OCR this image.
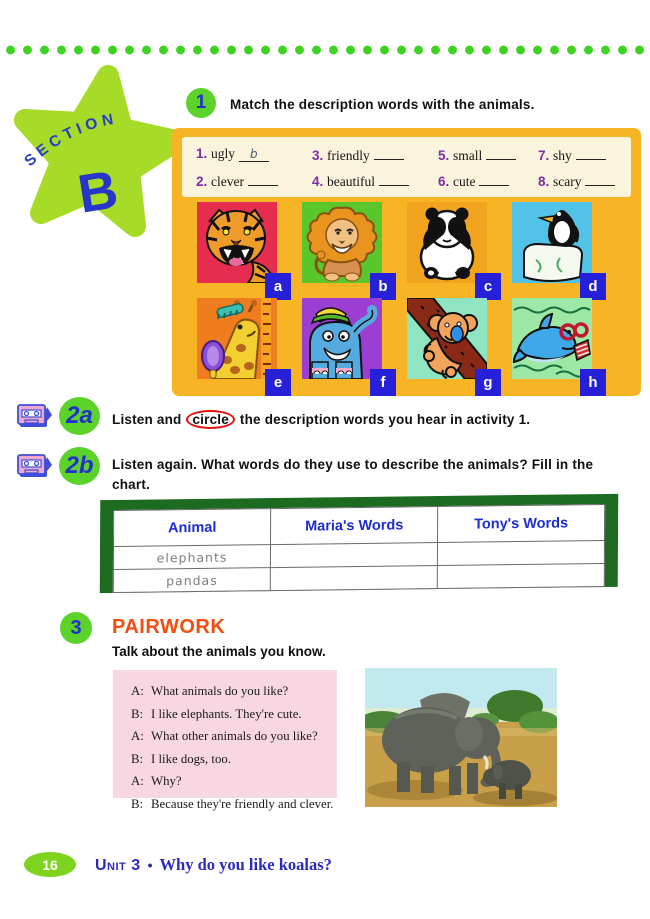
SECTION
B
1	Match the description words with the animals.
1. ugly b	3. friendly	5. small	7. shy
2. clever	4. beautiful	6. cute	8. scary
a	b	c	d
e	f	g	h
2a	Listen and circle the description words you hear in activity 1.
2b	Listen again. What words do they use to describe the animals? Fill in the chart.
Animal	Maria's Words	Tony's Words
elephants		
pandas		
3	PAIRWORK
Talk about the animals you know.
A: What animals do you like?
B: I like elephants. They're cute.
A: What other animals do you like?
B: I like dogs, too.
A: Why?
B: Because they're friendly and clever.
16	Unit 3 • Why do you like koalas?
